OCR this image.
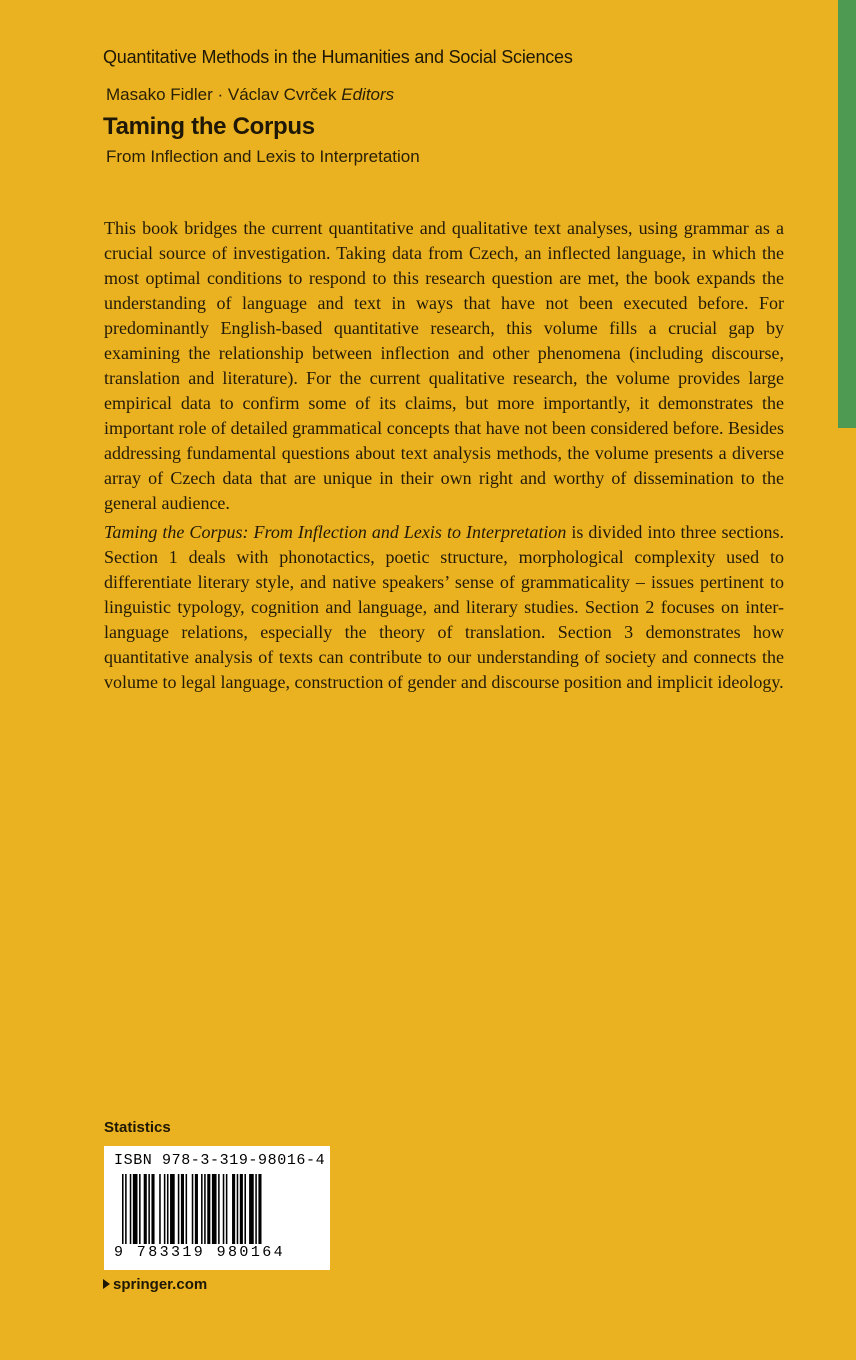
Quantitative Methods in the Humanities and Social Sciences
Masako Fidler · Václav Cvrček Editors
Taming the Corpus
From Inflection and Lexis to Interpretation

This book bridges the current quantitative and qualitative text analyses, using grammar as a crucial source of investigation. Taking data from Czech, an inflected language, in which the most optimal conditions to respond to this research question are met, the book expands the understanding of language and text in ways that have not been executed before. For predominantly English-based quantitative research, this volume fills a crucial gap by examining the relationship between inflection and other phenomena (including discourse, translation and literature). For the current qualitative research, the volume provides large empirical data to confirm some of its claims, but more importantly, it demonstrates the important role of detailed grammatical concepts that have not been considered before. Besides addressing fundamental questions about text analysis methods, the volume presents a diverse array of Czech data that are unique in their own right and worthy of dissemination to the general audience.

Taming the Corpus: From Inflection and Lexis to Interpretation is divided into three sections. Section 1 deals with phonotactics, poetic structure, morphological complexity used to differentiate literary style, and native speakers’ sense of grammaticality – issues pertinent to linguistic typology, cognition and language, and literary studies. Section 2 focuses on inter-language relations, especially the theory of translation. Section 3 demonstrates how quantitative analysis of texts can contribute to our understanding of society and connects the volume to legal language, construction of gender and discourse position and implicit ideology.

Statistics
ISBN 978-3-319-98016-4
9 783319 980164
springer.com
